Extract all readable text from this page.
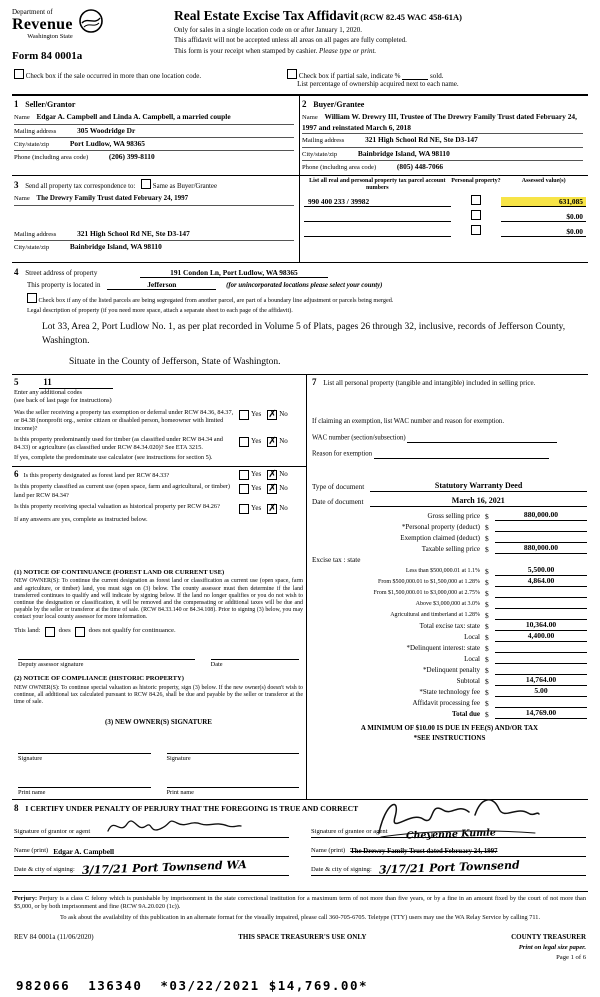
Department of
Revenue
Washington State
Form 84 0001a
Real Estate Excise Tax Affidavit (RCW 82.45 WAC 458-61A)
Only for sales in a single location code on or after January 1, 2020.
This affidavit will not be accepted unless all areas on all pages are fully completed.
This form is your receipt when stamped by cashier. Please type or print.
Check box if the sale occurred in more than one location code.	Check box if partial sale, indicate %	sold.
List percentage of ownership acquired next to each name.
1 Seller/Grantor
Name Edgar A. Campbell and Linda A. Campbell, a married couple
Mailing address	305 Woodridge Dr
City/state/zip	Port Ludlow, WA 98365
Phone (including area code)	(206) 399-8110
2 Buyer/Grantee
Name William W. Drewry III, Trustee of The Drewry Family Trust dated February 24, 1997 and reinstated March 6, 2018
Mailing address	321 High School Rd NE, Ste D3-147
City/state/zip	Bainbridge Island, WA 98110
Phone (including area code)	(805) 448-7066
3 Send all property tax correspondence to:	Same as Buyer/Grantee
Name The Drewry Family Trust dated February 24, 1997
Mailing address	321 High School Rd NE, Ste D3-147
City/state/zip	Bainbridge Island, WA 98110
List all real and personal property tax parcel account numbers
Personal property?	Assessed value(s)
990 400 233 / 39982	631,085
$0.00
$0.00
4 Street address of property	191 Condon Ln, Port Ludlow, WA 98365
This property is located in	Jefferson	(for unincorporated locations please select your county)
Check box if any of the listed parcels are being segregated from another parcel, are part of a boundary line adjustment or parcels being merged.
Legal description of property (if you need more space, attach a separate sheet to each page of the affidavit).
Lot 33, Area 2, Port Ludlow No. 1, as per plat recorded in Volume 5 of Plats, pages 26 through 32, inclusive, records of Jefferson County, Washington.
Situate in the County of Jefferson, State of Washington.
5	11
Enter any additional codes
(see back of last page for instructions)
Was the seller receiving a property tax exemption or deferral under RCW 84.36, 84.37, or 84.38 (nonprofit org., senior citizen or disabled person, homeowner with limited income)?
Yes ✗	No
Is this property predominantly used for timber (as classified under RCW 84.34 and 84.33) or agriculture (as classified under RCW 84.34.020)? See ETA 3215.
Yes ✗	No
If yes, complete the predominate use calculator (see instructions for section 5).
6 Is this property designated as forest land per RCW 84.33?	Yes ✗	No
Is this property classified as current use (open space, farm and agricultural, or timber) land per RCW 84.34?
Yes ✗	No
Is this property receiving special valuation as historical property per RCW 84.26?	Yes ✗	No
If any answers are yes, complete as instructed below.
(1) NOTICE OF CONTINUANCE (FOREST LAND OR CURRENT USE)
NEW OWNER(S): To continue the current designation as forest land or classification as current use (open space, farm and agriculture, or timber) land, you must sign on (3) below. The county assessor must then determine if the land transferred continues to qualify and will indicate by signing below. If the land no longer qualifies or you do not wish to continue the designation or classification, it will be removed and the compensating or additional taxes will be due and payable by the seller or transferor at the time of sale. (RCW 84.33.140 or 84.34.108). Prior to signing (3) below, you may contact your local county assessor for more information.
This land:	does	does not qualify for continuance.
Deputy assessor signature	Date
(2) NOTICE OF COMPLIANCE (HISTORIC PROPERTY)
NEW OWNER(S): To continue special valuation as historic property, sign (3) below. If the new owner(s) doesn't wish to continue, all additional tax calculated pursuant to RCW 84.26, shall be due and payable by the seller or transferor at the time of sale.
(3) NEW OWNER(S) SIGNATURE
Signature	Signature
Print name	Print name
7 List all personal property (tangible and intangible) included in selling price.
If claiming an exemption, list WAC number and reason for exemption.
WAC number (section/subsection)
Reason for exemption
Type of document	Statutory Warranty Deed
Date of document	March 16, 2021
Gross selling price $	880,000.00
*Personal property (deduct) $
Exemption claimed (deduct) $
Taxable selling price $	880,000.00
Excise tax : state
Less than $500,000.01 at 1.1% $	5,500.00
From $500,000.01 to $1,500,000 at 1.28% $	4,864.00
From $1,500,000.01 to $3,000,000 at 2.75% $
Above $3,000,000 at 3.0% $
Agricultural and timberland at 1.28% $
Total excise tax: state $	10,364.00
Local $	4,400.00
*Delinquent interest: state $
Local $
*Delinquent penalty $
Subtotal $	14,764.00
*State technology fee $	5.00
Affidavit processing fee $
Total due $	14,769.00
A MINIMUM OF $10.00 IS DUE IN FEE(S) AND/OR TAX
*SEE INSTRUCTIONS
8 I CERTIFY UNDER PENALTY OF PERJURY THAT THE FOREGOING IS TRUE AND CORRECT
Signature of grantor or agent
Name (print) Edgar A. Campbell
Date & city of signing: 3/17/21 Port Townsend WA
Signature of grantee or agent
Name (print) The Drewry Family Trust dated February 24, 1997
Cheyenne Kumle
Date & city of signing: 3/17/21 Port Townsend
Perjury: Perjury is a class C felony which is punishable by imprisonment in the state correctional institution for a maximum term of not more than five years, or by a fine in an amount fixed by the court of not more than $5,000, or by both imprisonment and fine (RCW 9A.20.020 (1c)).
To ask about the availability of this publication in an alternate format for the visually impaired, please call 360-705-6705. Teletype (TTY) users may use the WA Relay Service by calling 711.
REV 84 0001a (11/06/2020)	THIS SPACE TREASURER'S USE ONLY	COUNTY TREASURER
Print on legal size paper.
Page 1 of 6
982066  136340  *03/22/2021 $14,769.00*
